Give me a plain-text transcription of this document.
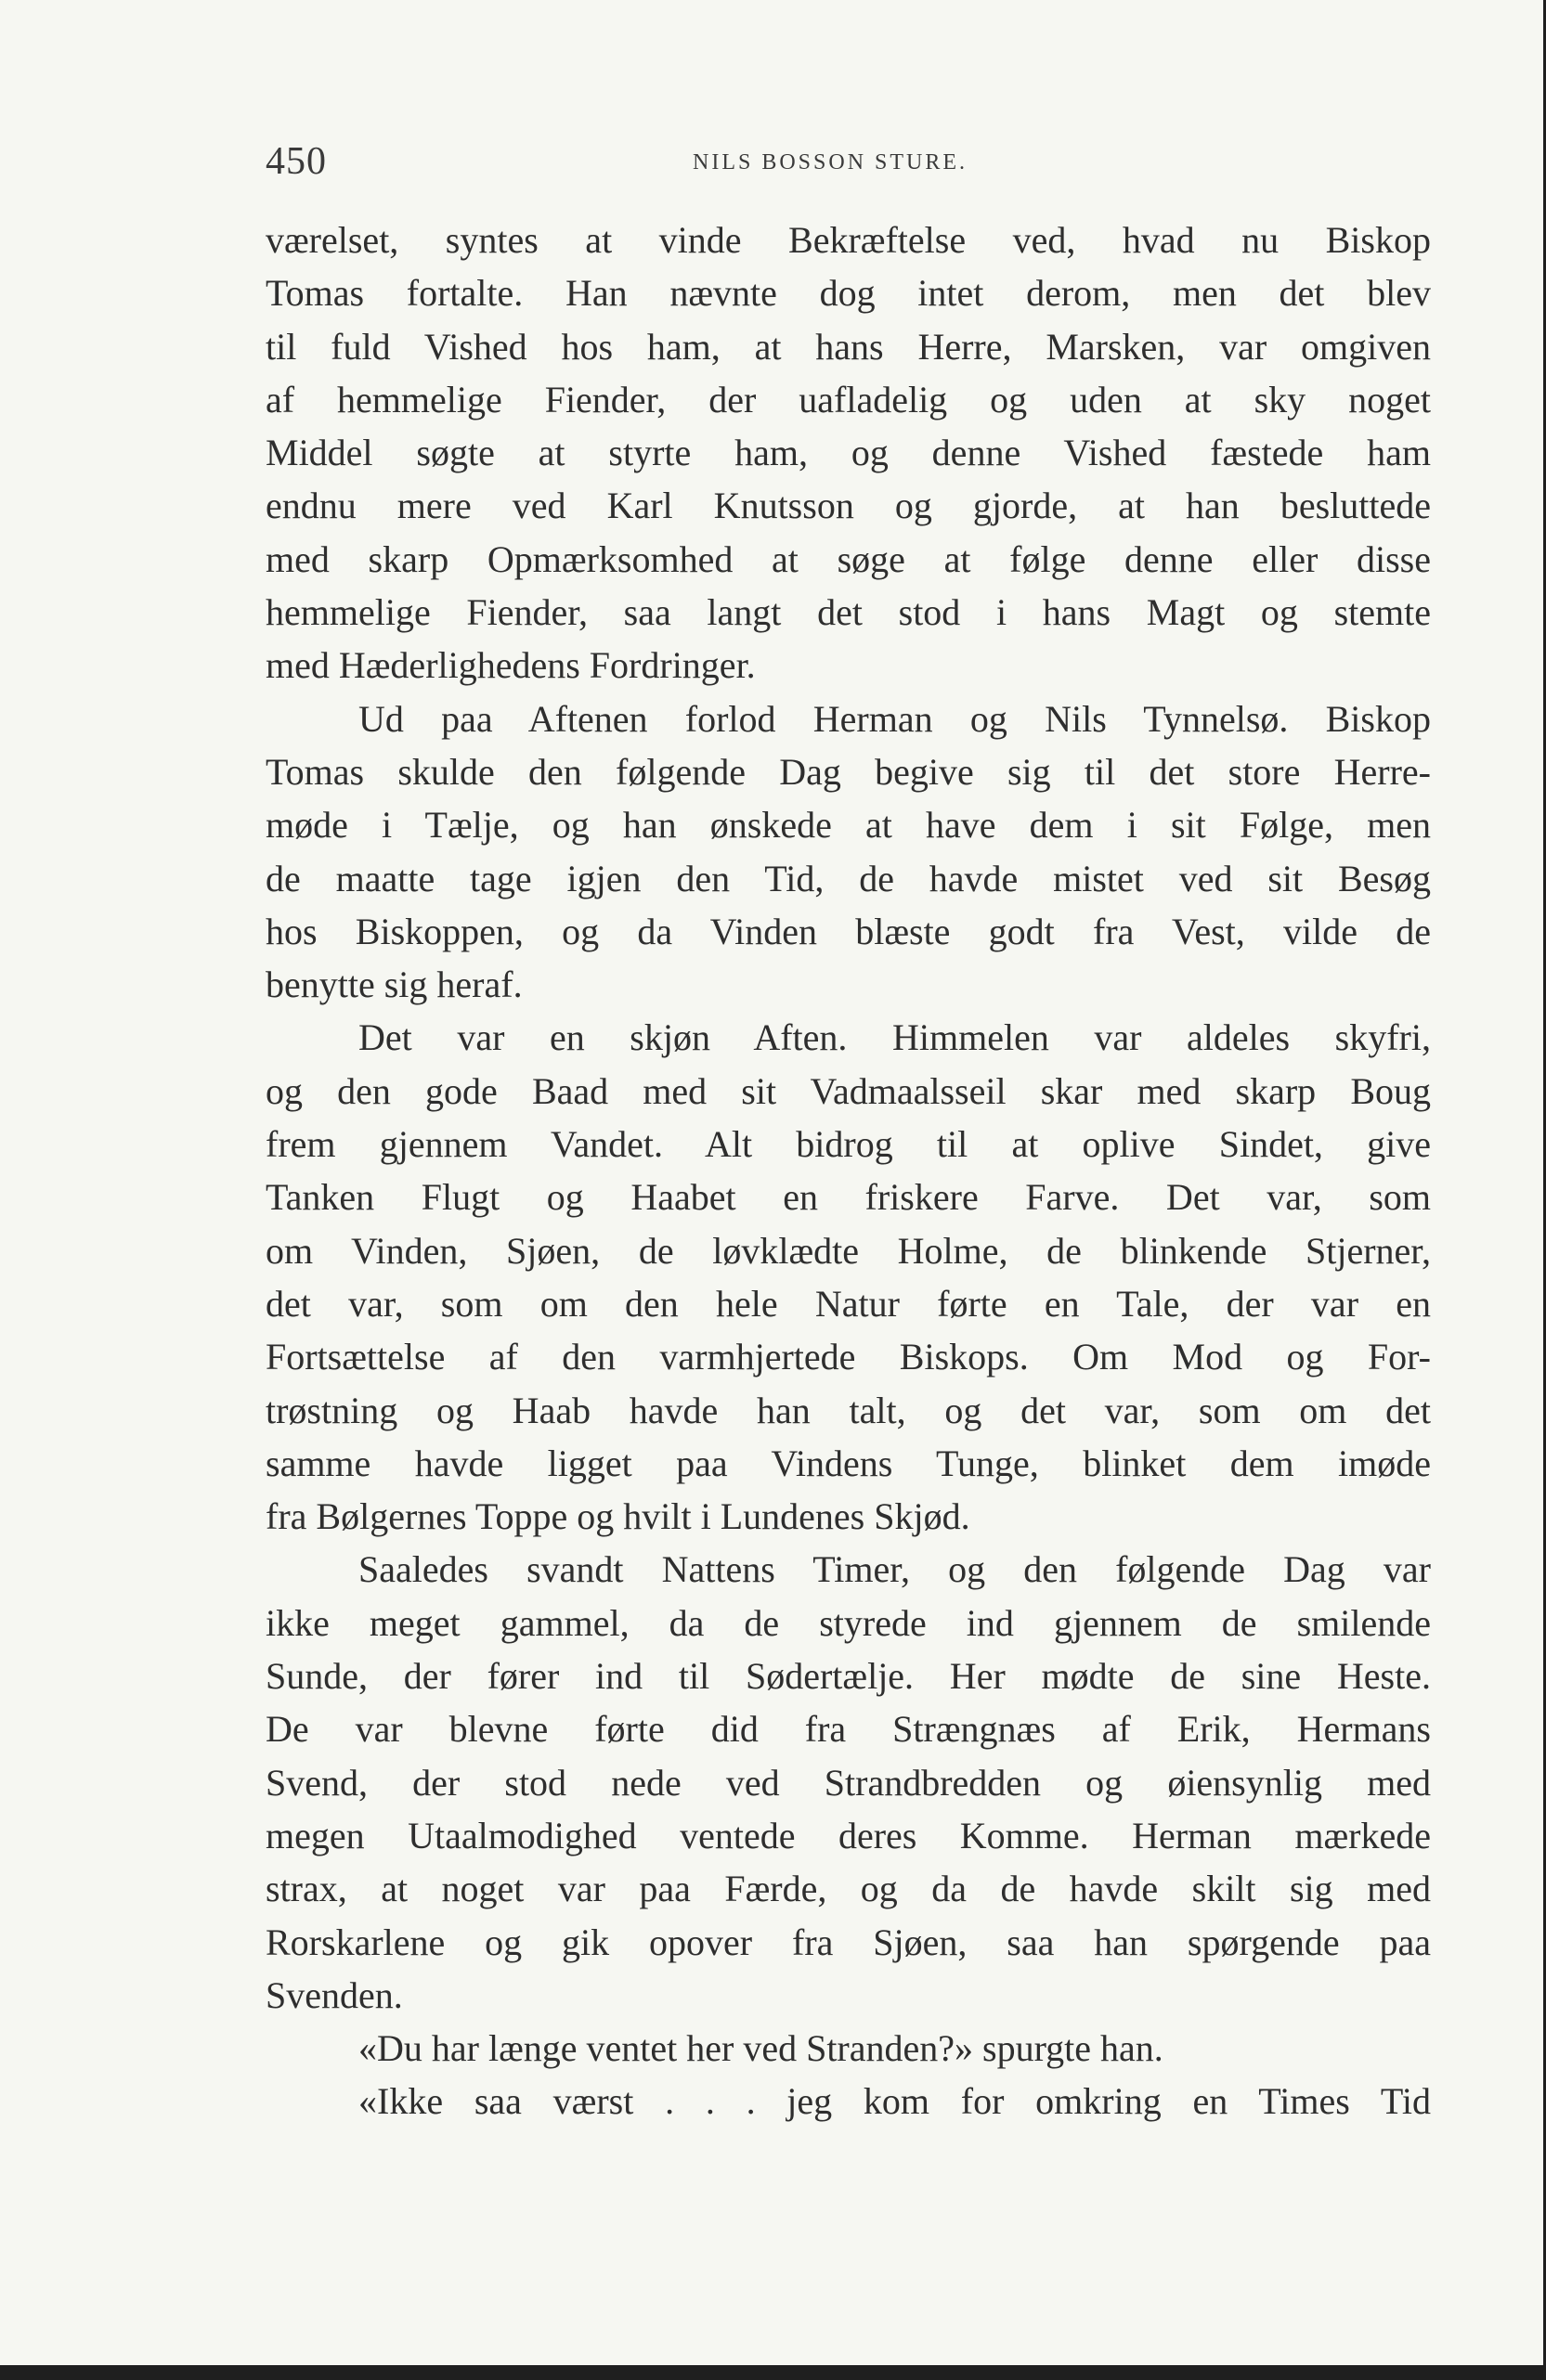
450	NILS BOSSON STURE.
værelset, syntes at vinde Bekræftelse ved, hvad nu Biskop
Tomas fortalte. Han nævnte dog intet derom, men det blev
til fuld Vished hos ham, at hans Herre, Marsken, var omgiven
af hemmelige Fiender, der uafladelig og uden at sky noget
Middel søgte at styrte ham, og denne Vished fæstede ham
endnu mere ved Karl Knutsson og gjorde, at han besluttede
med skarp Opmærksomhed at søge at følge denne eller disse
hemmelige Fiender, saa langt det stod i hans Magt og stemte
med Hæderlighedens Fordringer.
Ud paa Aftenen forlod Herman og Nils Tynnelsø. Biskop
Tomas skulde den følgende Dag begive sig til det store Herre-
møde i Tælje, og han ønskede at have dem i sit Følge, men
de maatte tage igjen den Tid, de havde mistet ved sit Besøg
hos Biskoppen, og da Vinden blæste godt fra Vest, vilde de
benytte sig heraf.
Det var en skjøn Aften. Himmelen var aldeles skyfri,
og den gode Baad med sit Vadmaalsseil skar med skarp Boug
frem gjennem Vandet. Alt bidrog til at oplive Sindet, give
Tanken Flugt og Haabet en friskere Farve. Det var, som
om Vinden, Sjøen, de løvklædte Holme, de blinkende Stjerner,
det var, som om den hele Natur førte en Tale, der var en
Fortsættelse af den varmhjertede Biskops. Om Mod og For-
trøstning og Haab havde han talt, og det var, som om det
samme havde ligget paa Vindens Tunge, blinket dem imøde
fra Bølgernes Toppe og hvilt i Lundenes Skjød.
Saaledes svandt Nattens Timer, og den følgende Dag var
ikke meget gammel, da de styrede ind gjennem de smilende
Sunde, der fører ind til Sødertælje. Her mødte de sine Heste.
De var blevne førte did fra Strængnæs af Erik, Hermans
Svend, der stod nede ved Strandbredden og øiensynlig med
megen Utaalmodighed ventede deres Komme. Herman mærkede
strax, at noget var paa Færde, og da de havde skilt sig med
Rorskarlene og gik opover fra Sjøen, saa han spørgende paa
Svenden.
«Du har længe ventet her ved Stranden?» spurgte han.
«Ikke saa værst . . . jeg kom for omkring en Times Tid
